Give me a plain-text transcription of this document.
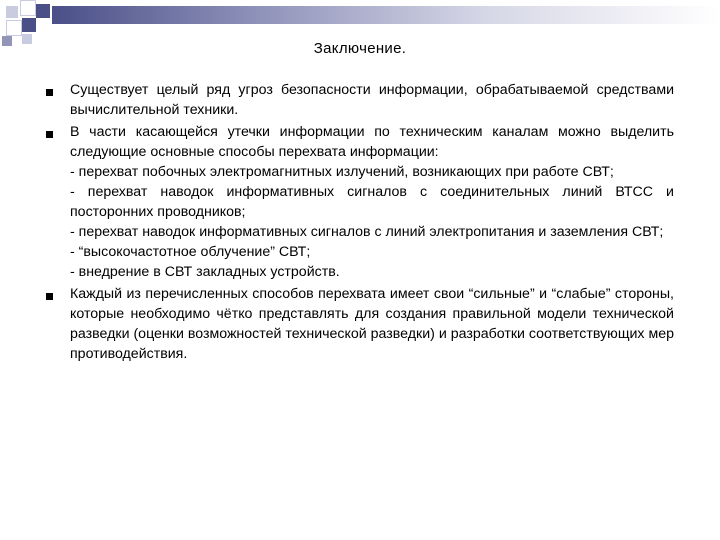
Заключение.

Существует целый ряд угроз безопасности информации, обрабатываемой средствами вычислительной техники.

В части касающейся утечки информации по техническим каналам можно выделить следующие основные способы перехвата информации:

- перехват побочных электромагнитных излучений, возникающих при работе СВТ;

- перехват наводок информативных сигналов с соединительных линий ВТСС и посторонних проводников;

- перехват наводок информативных сигналов с линий электропитания и заземления СВТ;

- “высокочастотное облучение” СВТ;

- внедрение в СВТ закладных устройств.

Каждый из перечисленных способов перехвата имеет свои “сильные” и “слабые” стороны, которые необходимо чётко представлять для создания правильной модели технической разведки (оценки возможностей технической разведки) и разработки соответствующих мер противодействия.
